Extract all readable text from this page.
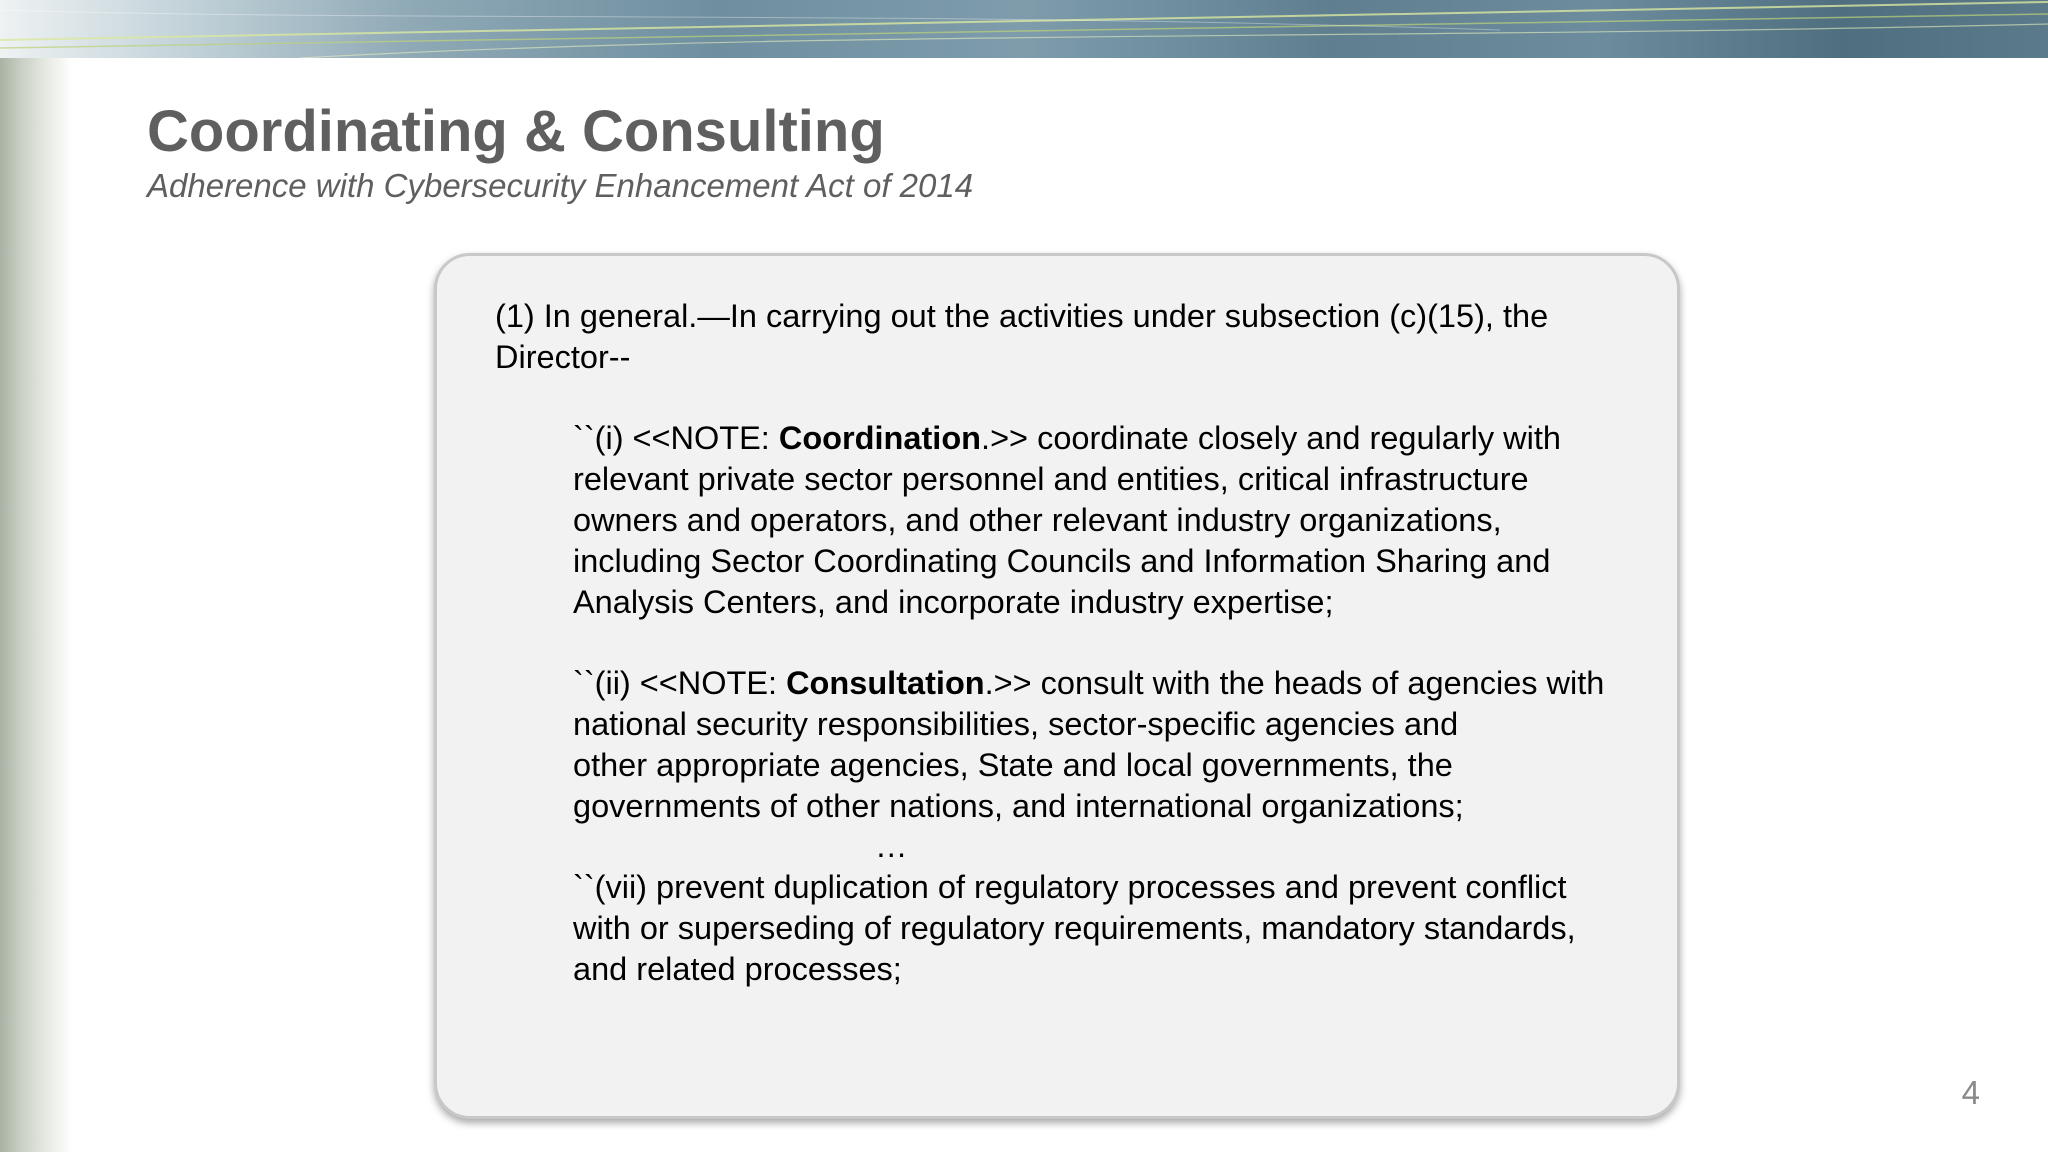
Coordinating & Consulting

Adherence with Cybersecurity Enhancement Act of 2014

(1) In general.—In carrying out the activities under subsection (c)(15), the Director--

``(i) <<NOTE: Coordination.>> coordinate closely and regularly with relevant private sector personnel and entities, critical infrastructure owners and operators, and other relevant industry organizations, including Sector Coordinating Councils and Information Sharing and Analysis Centers, and incorporate industry expertise;

``(ii) <<NOTE: Consultation.>> consult with the heads of agencies with national security responsibilities, sector-specific agencies and

other appropriate agencies, State and local governments, the governments of other nations, and international organizations;

…

``(vii) prevent duplication of regulatory processes and prevent conflict with or superseding of regulatory requirements, mandatory standards, and related processes;

4
